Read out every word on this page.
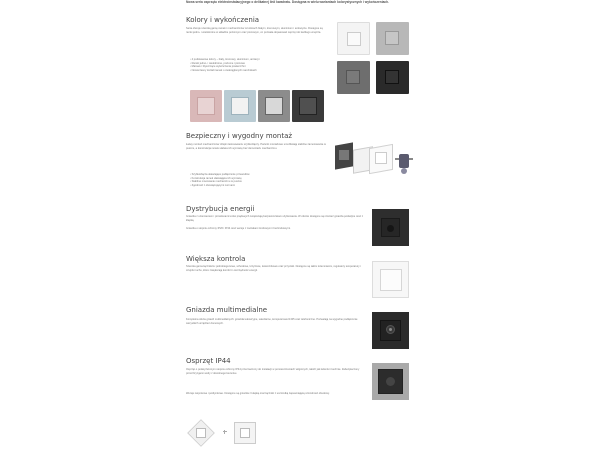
Nowa seria osprzętu elektroinstalacyjnego o delikatnej linii kwadratu. Dostępna w wielu wariantach kolorystycznych i wykończeniach.
Kolory i wykończenia
Seria oferuje szeroką gamę ramek i mechanizmów w kolorach białym, kremowym, aluminium i antracycie. Dostępne są ramki jedno- i wielokrotne w układzie poziomym oraz pionowym, co pozwala dopasować osprzęt do każdego wnętrza.
• 4 podstawowe kolory – biały, kremowy, aluminium, antracyt
• Ramki jedno- i wielokrotne, poziome i pionowe
• Matowe i błyszczące wykończenia powierzchni
• Nowoczesny kształt ramek o zaokrąglonych narożnikach
Bezpieczny i wygodny montaż
Łatwy montaż mechanizmów dzięki zastosowaniu szybkozłączy. Pazurki montażowe umożliwiają stabilne zamocowanie w puszce, a konstrukcja ramek ułatwia ich wymianę bez demontażu mechanizmu.
• Szybkozłącza ułatwiające podłączenie przewodów
• Konstrukcja ramek ułatwiająca ich wymianę
• Stabilne mocowanie mechanizmu w puszce
• Zgodność z obowiązującymi normami
Dystrybucja energii
Gniazda z uziemieniem i przesłonami torów prądowych zwiększają bezpieczeństwo użytkowania. W ofercie dostępne są również gniazda podwójne oraz z klapką.
Gniazda o stopniu ochrony IP20 i IP44 oraz wersje z zaciskami śrubowymi i bezśrubowymi.
Większa kontrola
Szeroka gama łączników: jednobiegunowe, schodowe, krzyżowe, świecznikowe oraz przyciski. Dostępne są także ściemniacze, regulatory temperatury i czujniki ruchu, które zwiększają komfort i oszczędność energii.
Gniazda multimedialne
Kompletna oferta gniazd multimedialnych: gniazda telewizyjne, satelitarne, komputerowe RJ45 oraz telefoniczne. Pozwalają na wygodne podłączenie wszystkich urządzeń domowych.
Osprzęt IP44
Osprzęt o podwyższonym stopniu ochrony IP44 przeznaczony do instalacji w pomieszczeniach wilgotnych, takich jak łazienki i kuchnie. Zabezpieczony przed bryzgami wody z dowolnego kierunku.
Wersje natynkowe i podtynkowe. Dostępne są gniazda z klapką oraz łączniki z uszczelką zapewniającą szczelność obudowy.
